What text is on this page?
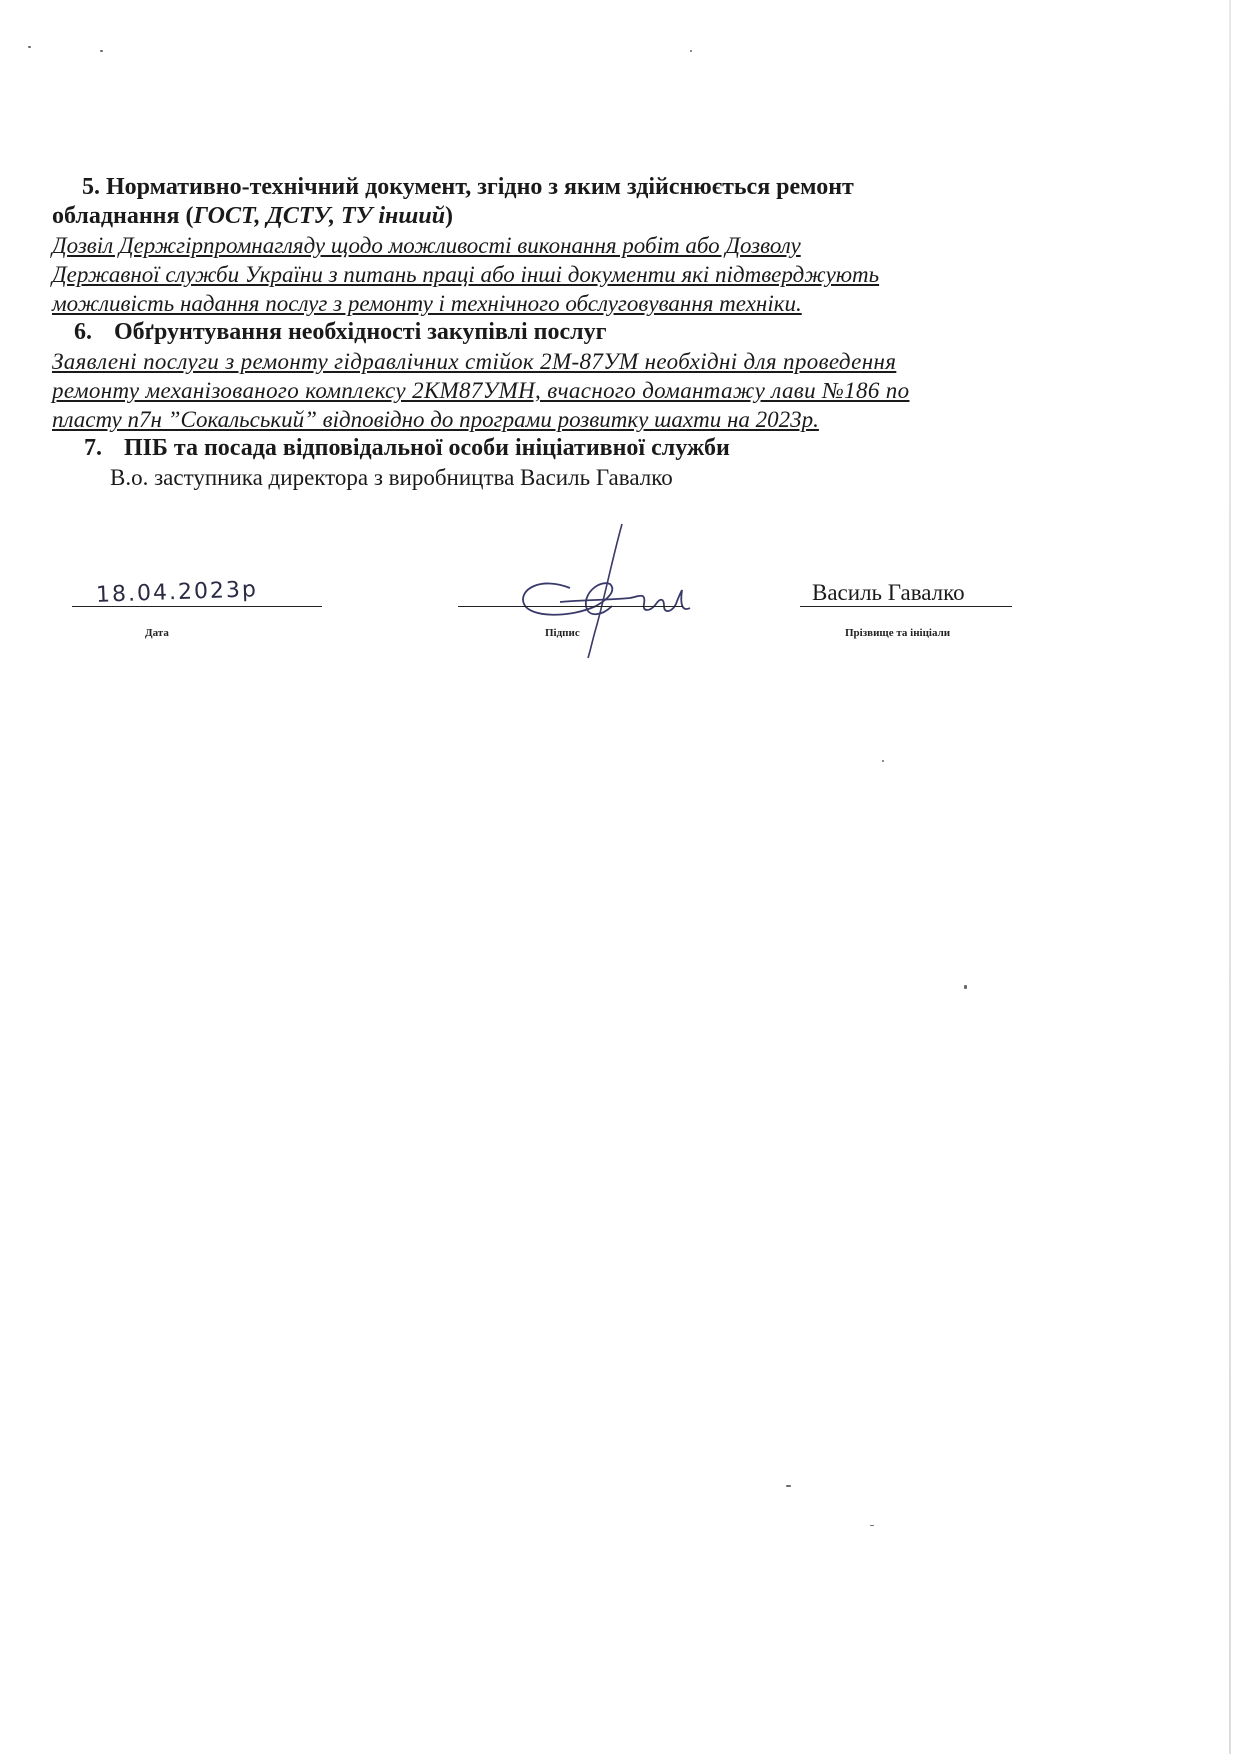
5. Нормативно-технічний документ, згідно з яким здійснюється ремонт

обладнання (ГОСТ, ДСТУ, ТУ інший)

Дозвіл Держгірпромнагляду щодо можливості виконання робіт або Дозволу

Державної служби України з питань праці або інші документи які підтверджують

можливість надання послуг з ремонту і технічного обслуговування техніки.

6. Обґрунтування необхідності закупівлі послуг

Заявлені послуги з ремонту гідравлічних стійок 2М-87УМ необхідні для проведення

ремонту механізованого комплексу 2КМ87УМН, вчасного домантажу лави №186 по

пласту п7н ”Сокальський” відповідно до програми розвитку шахти на 2023р.

7. ПІБ та посада відповідальної особи ініціативної служби

В.о. заступника директора з виробництва Василь Гавалко

18.04.2023р
Дата	Підпис
Василь Гавалко
Прізвище та ініціали
